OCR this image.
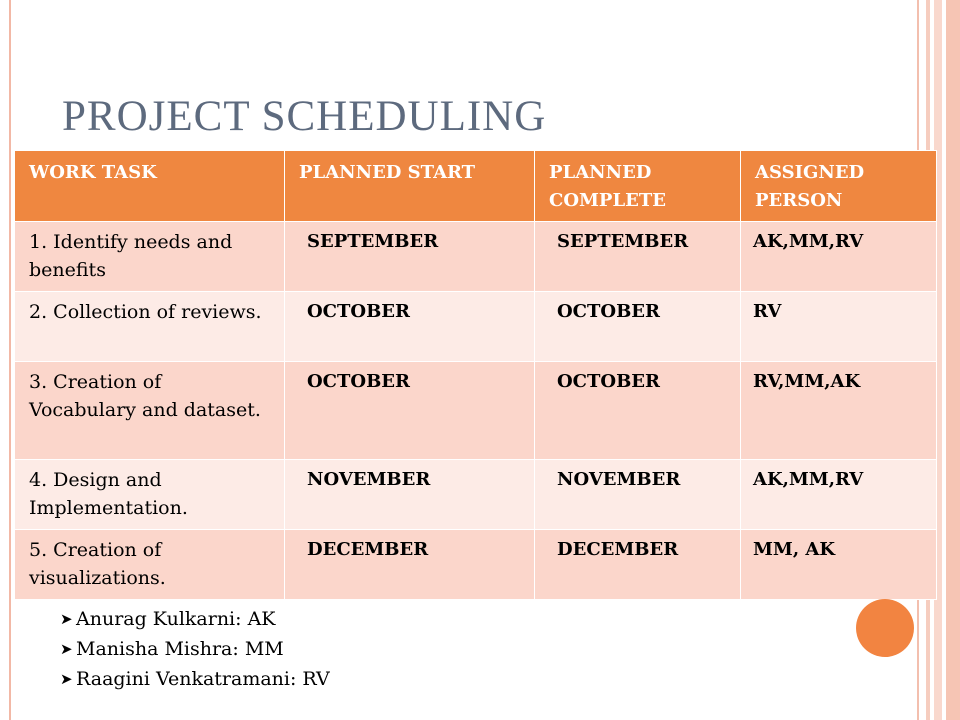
PROJECT SCHEDULING
WORK TASK	PLANNED START	PLANNED COMPLETE	ASSIGNED PERSON
1. Identify needs and benefits	SEPTEMBER	SEPTEMBER	AK,MM,RV
2. Collection of reviews.	OCTOBER	OCTOBER	RV
3. Creation of Vocabulary and dataset.	OCTOBER	OCTOBER	RV,MM,AK
4. Design and Implementation.	NOVEMBER	NOVEMBER	AK,MM,RV
5. Creation of visualizations.	DECEMBER	DECEMBER	MM, AK
➤ Anurag Kulkarni: AK
➤ Manisha Mishra: MM
➤ Raagini Venkatramani: RV
